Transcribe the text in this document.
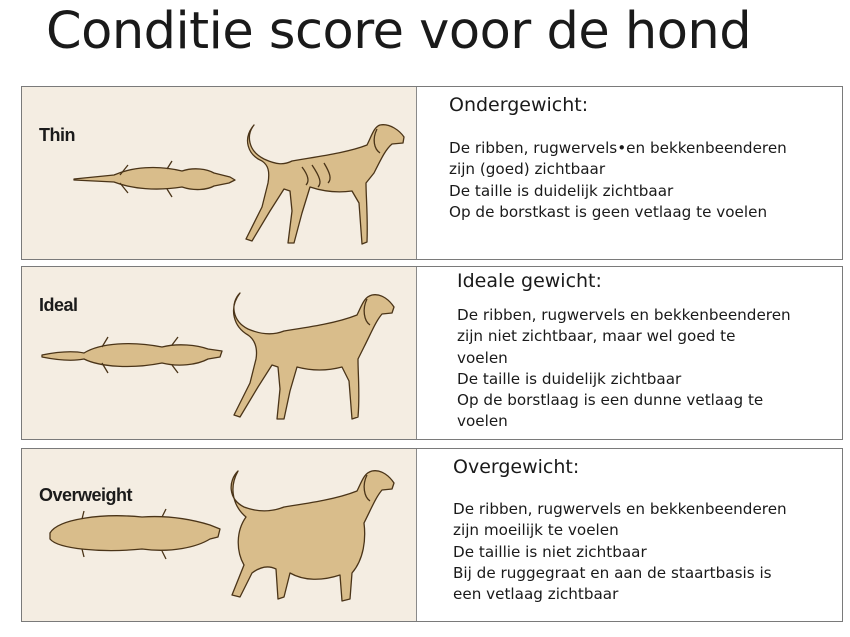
Conditie score voor de hond
Thin
Ondergewicht:
De ribben, rugwervels•en bekkenbeenderen
zijn (goed) zichtbaar
De taille is duidelijk zichtbaar
Op de borstkast is geen vetlaag te voelen
Ideal
Ideale gewicht:
De ribben, rugwervels en bekkenbeenderen
zijn niet zichtbaar, maar wel goed te
voelen
De taille is duidelijk zichtbaar
Op de borstlaag is een dunne vetlaag te
voelen
Overweight
Overgewicht:
De ribben, rugwervels en bekkenbeenderen
zijn moeilijk te voelen
De taillie is niet zichtbaar
Bij de ruggegraat en aan de staartbasis is
een vetlaag zichtbaar
